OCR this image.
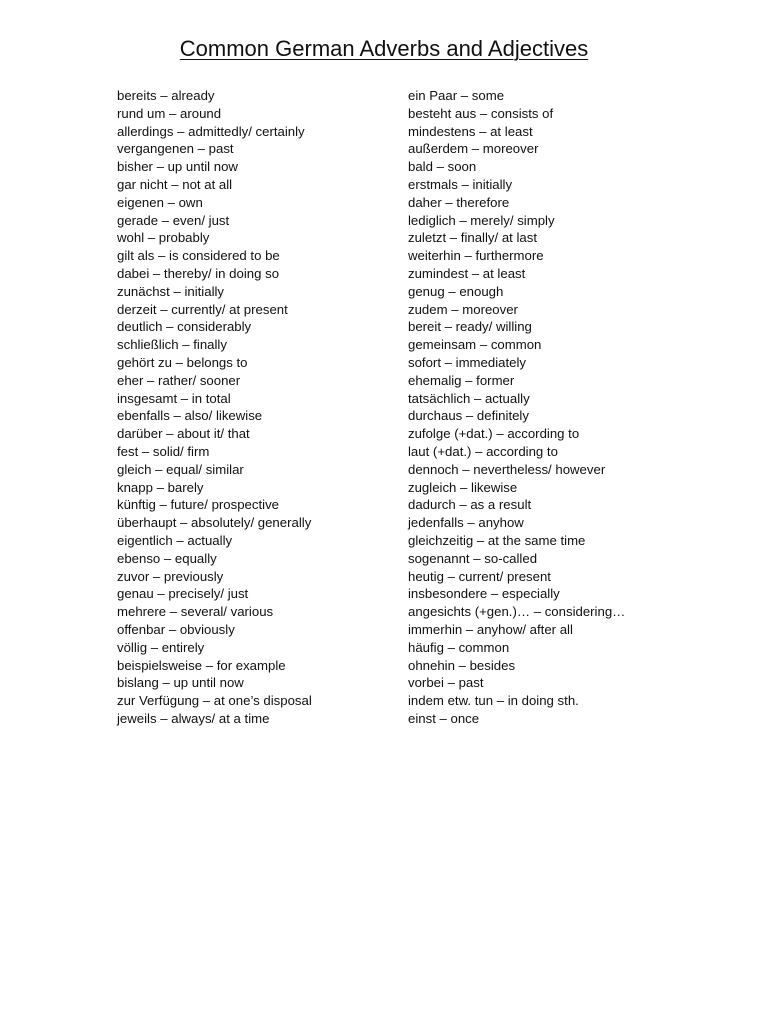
Common German Adverbs and Adjectives
bereits – already
rund um – around
allerdings – admittedly/ certainly
vergangenen – past
bisher – up until now
gar nicht – not at all
eigenen – own
gerade – even/ just
wohl – probably
gilt als – is considered to be
dabei – thereby/ in doing so
zunächst – initially
derzeit – currently/ at present
deutlich – considerably
schließlich – finally
gehört zu – belongs to
eher – rather/ sooner
insgesamt – in total
ebenfalls – also/ likewise
darüber – about it/ that
fest – solid/ firm
gleich – equal/ similar
knapp – barely
künftig – future/ prospective
überhaupt – absolutely/ generally
eigentlich – actually
ebenso – equally
zuvor – previously
genau – precisely/ just
mehrere – several/ various
offenbar – obviously
völlig – entirely
beispielsweise – for example
bislang – up until now
zur Verfügung – at one’s disposal
jeweils – always/ at a time
ein Paar – some
besteht aus – consists of
mindestens – at least
außerdem – moreover
bald – soon
erstmals – initially
daher – therefore
lediglich – merely/ simply
zuletzt – finally/ at last
weiterhin – furthermore
zumindest – at least
genug – enough
zudem – moreover
bereit – ready/ willing
gemeinsam – common
sofort – immediately
ehemalig – former
tatsächlich – actually
durchaus – definitely
zufolge (+dat.) – according to
laut (+dat.) – according to
dennoch – nevertheless/ however
zugleich – likewise
dadurch – as a result
jedenfalls – anyhow
gleichzeitig – at the same time
sogenannt – so-called
heutig – current/ present
insbesondere – especially
angesichts (+gen.)… – considering…
immerhin – anyhow/ after all
häufig – common
ohnehin – besides
vorbei – past
indem etw. tun – in doing sth.
einst – once
